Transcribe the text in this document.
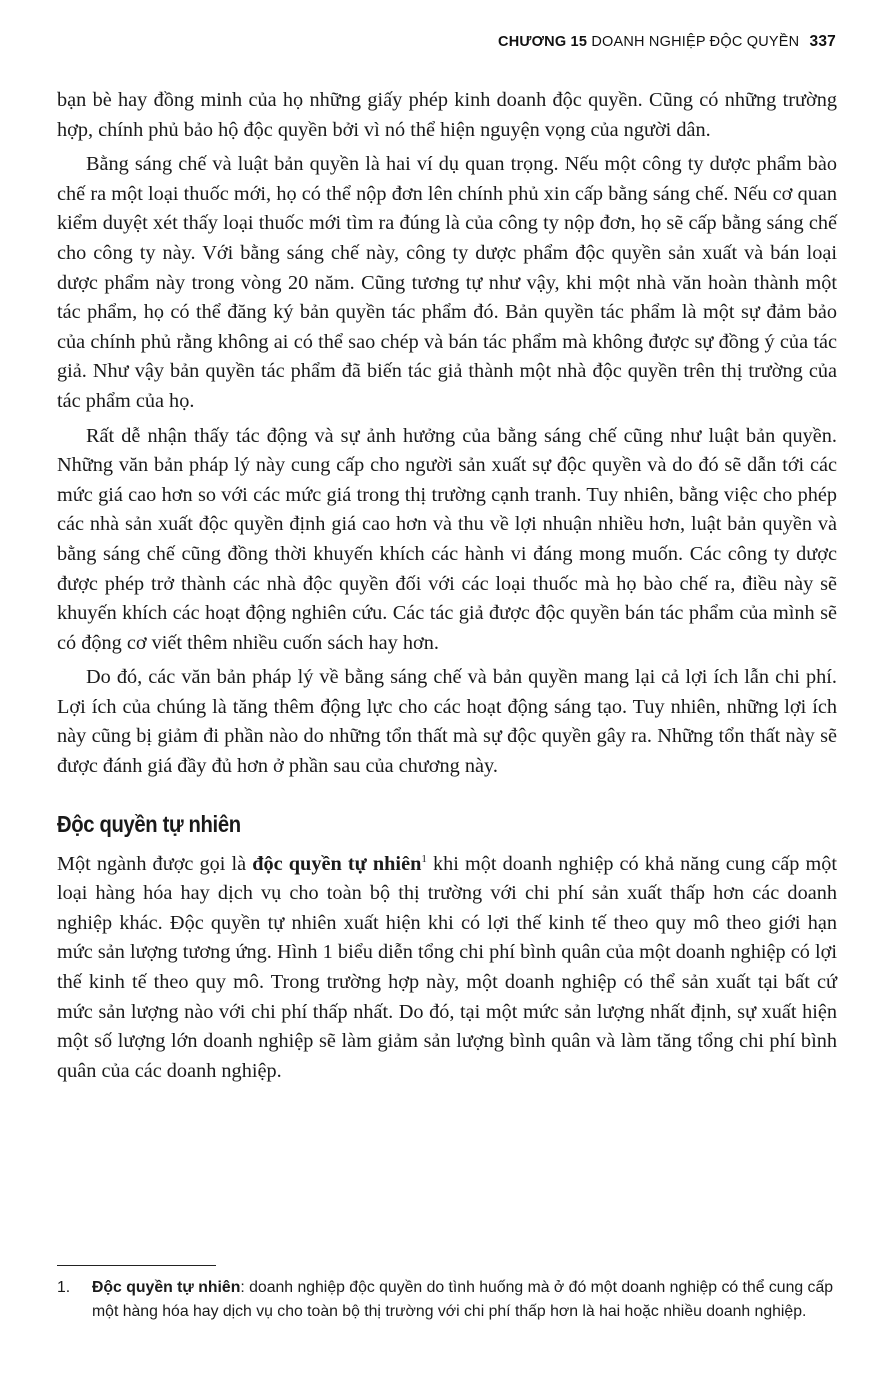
CHƯƠNG 15 DOANH NGHIỆP ĐỘC QUYỀN 337

bạn bè hay đồng minh của họ những giấy phép kinh doanh độc quyền. Cũng có những trường hợp, chính phủ bảo hộ độc quyền bởi vì nó thể hiện nguyện vọng của người dân.

Bằng sáng chế và luật bản quyền là hai ví dụ quan trọng. Nếu một công ty dược phẩm bào chế ra một loại thuốc mới, họ có thể nộp đơn lên chính phủ xin cấp bằng sáng chế. Nếu cơ quan kiểm duyệt xét thấy loại thuốc mới tìm ra đúng là của công ty nộp đơn, họ sẽ cấp bằng sáng chế cho công ty này. Với bằng sáng chế này, công ty dược phẩm độc quyền sản xuất và bán loại dược phẩm này trong vòng 20 năm. Cũng tương tự như vậy, khi một nhà văn hoàn thành một tác phẩm, họ có thể đăng ký bản quyền tác phẩm đó. Bản quyền tác phẩm là một sự đảm bảo của chính phủ rằng không ai có thể sao chép và bán tác phẩm mà không được sự đồng ý của tác giả. Như vậy bản quyền tác phẩm đã biến tác giả thành một nhà độc quyền trên thị trường của tác phẩm của họ.

Rất dễ nhận thấy tác động và sự ảnh hưởng của bằng sáng chế cũng như luật bản quyền. Những văn bản pháp lý này cung cấp cho người sản xuất sự độc quyền và do đó sẽ dẫn tới các mức giá cao hơn so với các mức giá trong thị trường cạnh tranh. Tuy nhiên, bằng việc cho phép các nhà sản xuất độc quyền định giá cao hơn và thu về lợi nhuận nhiều hơn, luật bản quyền và bằng sáng chế cũng đồng thời khuyến khích các hành vi đáng mong muốn. Các công ty dược được phép trở thành các nhà độc quyền đối với các loại thuốc mà họ bào chế ra, điều này sẽ khuyến khích các hoạt động nghiên cứu. Các tác giả được độc quyền bán tác phẩm của mình sẽ có động cơ viết thêm nhiều cuốn sách hay hơn.

Do đó, các văn bản pháp lý về bằng sáng chế và bản quyền mang lại cả lợi ích lẫn chi phí. Lợi ích của chúng là tăng thêm động lực cho các hoạt động sáng tạo. Tuy nhiên, những lợi ích này cũng bị giảm đi phần nào do những tổn thất mà sự độc quyền gây ra. Những tổn thất này sẽ được đánh giá đầy đủ hơn ở phần sau của chương này.

Độc quyền tự nhiên

Một ngành được gọi là độc quyền tự nhiên$^1$ khi một doanh nghiệp có khả năng cung cấp một loại hàng hóa hay dịch vụ cho toàn bộ thị trường với chi phí sản xuất thấp hơn các doanh nghiệp khác. Độc quyền tự nhiên xuất hiện khi có lợi thế kinh tế theo quy mô theo giới hạn mức sản lượng tương ứng. Hình 1 biểu diễn tổng chi phí bình quân của một doanh nghiệp có lợi thế kinh tế theo quy mô. Trong trường hợp này, một doanh nghiệp có thể sản xuất tại bất cứ mức sản lượng nào với chi phí thấp nhất. Do đó, tại một mức sản lượng nhất định, sự xuất hiện một số lượng lớn doanh nghiệp sẽ làm giảm sản lượng bình quân và làm tăng tổng chi phí bình quân của các doanh nghiệp.

1.	Độc quyền tự nhiên: doanh nghiệp độc quyền do tình huống mà ở đó một doanh nghiệp có thể cung cấp một hàng hóa hay dịch vụ cho toàn bộ thị trường với chi phí thấp hơn là hai hoặc nhiều doanh nghiệp.
